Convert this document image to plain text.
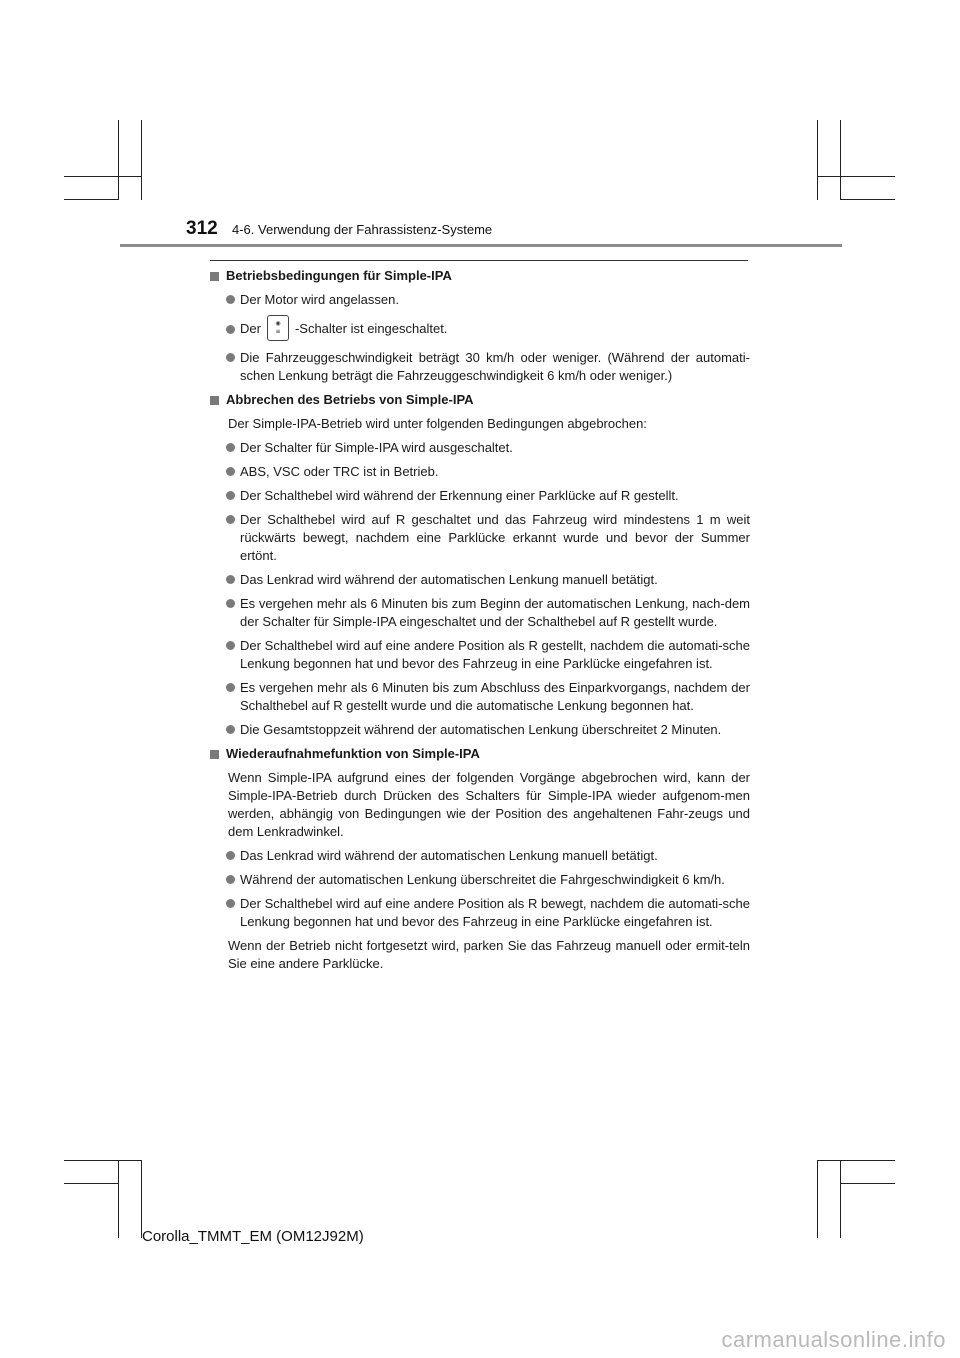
312 4-6. Verwendung der Fahrassistenz-Systeme
Betriebsbedingungen für Simple-IPA
Der Motor wird angelassen.
Der ◉
≡ -Schalter ist eingeschaltet.
Die Fahrzeuggeschwindigkeit beträgt 30 km/h oder weniger. (Während der automati-schen Lenkung beträgt die Fahrzeuggeschwindigkeit 6 km/h oder weniger.)
Abbrechen des Betriebs von Simple-IPA
Der Simple-IPA-Betrieb wird unter folgenden Bedingungen abgebrochen:
Der Schalter für Simple-IPA wird ausgeschaltet.
ABS, VSC oder TRC ist in Betrieb.
Der Schalthebel wird während der Erkennung einer Parklücke auf R gestellt.
Der Schalthebel wird auf R geschaltet und das Fahrzeug wird mindestens 1 m weit rückwärts bewegt, nachdem eine Parklücke erkannt wurde und bevor der Summer ertönt.
Das Lenkrad wird während der automatischen Lenkung manuell betätigt.
Es vergehen mehr als 6 Minuten bis zum Beginn der automatischen Lenkung, nach-dem der Schalter für Simple-IPA eingeschaltet und der Schalthebel auf R gestellt wurde.
Der Schalthebel wird auf eine andere Position als R gestellt, nachdem die automati-sche Lenkung begonnen hat und bevor des Fahrzeug in eine Parklücke eingefahren ist.
Es vergehen mehr als 6 Minuten bis zum Abschluss des Einparkvorgangs, nachdem der Schalthebel auf R gestellt wurde und die automatische Lenkung begonnen hat.
Die Gesamtstoppzeit während der automatischen Lenkung überschreitet 2 Minuten.
Wiederaufnahmefunktion von Simple-IPA
Wenn Simple-IPA aufgrund eines der folgenden Vorgänge abgebrochen wird, kann der Simple-IPA-Betrieb durch Drücken des Schalters für Simple-IPA wieder aufgenom-men werden, abhängig von Bedingungen wie der Position des angehaltenen Fahr-zeugs und dem Lenkradwinkel.
Das Lenkrad wird während der automatischen Lenkung manuell betätigt.
Während der automatischen Lenkung überschreitet die Fahrgeschwindigkeit 6 km/h.
Der Schalthebel wird auf eine andere Position als R bewegt, nachdem die automati-sche Lenkung begonnen hat und bevor des Fahrzeug in eine Parklücke eingefahren ist.
Wenn der Betrieb nicht fortgesetzt wird, parken Sie das Fahrzeug manuell oder ermit-teln Sie eine andere Parklücke.
Corolla_TMMT_EM (OM12J92M)
carmanualsonline.info
